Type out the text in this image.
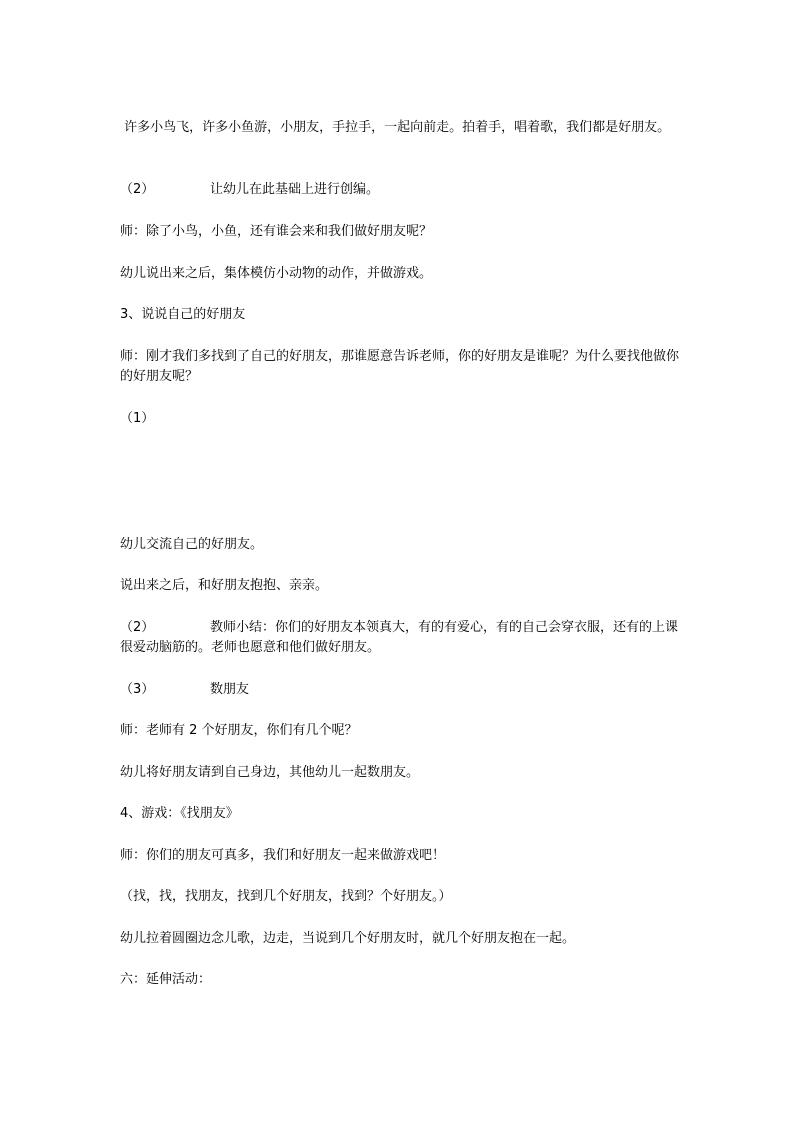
许多小鸟飞，许多小鱼游，小朋友，手拉手，一起向前走。拍着手，唱着歌，我们都是好朋友。
（2）	让幼儿在此基础上进行创编。
师：除了小鸟，小鱼，还有谁会来和我们做好朋友呢？
幼儿说出来之后，集体模仿小动物的动作，并做游戏。
3、说说自己的好朋友
师：刚才我们多找到了自己的好朋友，那谁愿意告诉老师，你的好朋友是谁呢？为什么要找他做你的好朋友呢？
（1）
幼儿交流自己的好朋友。
说出来之后，和好朋友抱抱、亲亲。
（2）	教师小结：你们的好朋友本领真大，有的有爱心，有的自己会穿衣服，还有的上课很爱动脑筋的。老师也愿意和他们做好朋友。
（3）	数朋友
师：老师有 2 个好朋友，你们有几个呢？
幼儿将好朋友请到自己身边，其他幼儿一起数朋友。
4、游戏：《找朋友》
师：你们的朋友可真多，我们和好朋友一起来做游戏吧！
（找，找，找朋友，找到几个好朋友，找到？个好朋友。）
幼儿拉着圆圈边念儿歌，边走，当说到几个好朋友时，就几个好朋友抱在一起。
六：延伸活动：
